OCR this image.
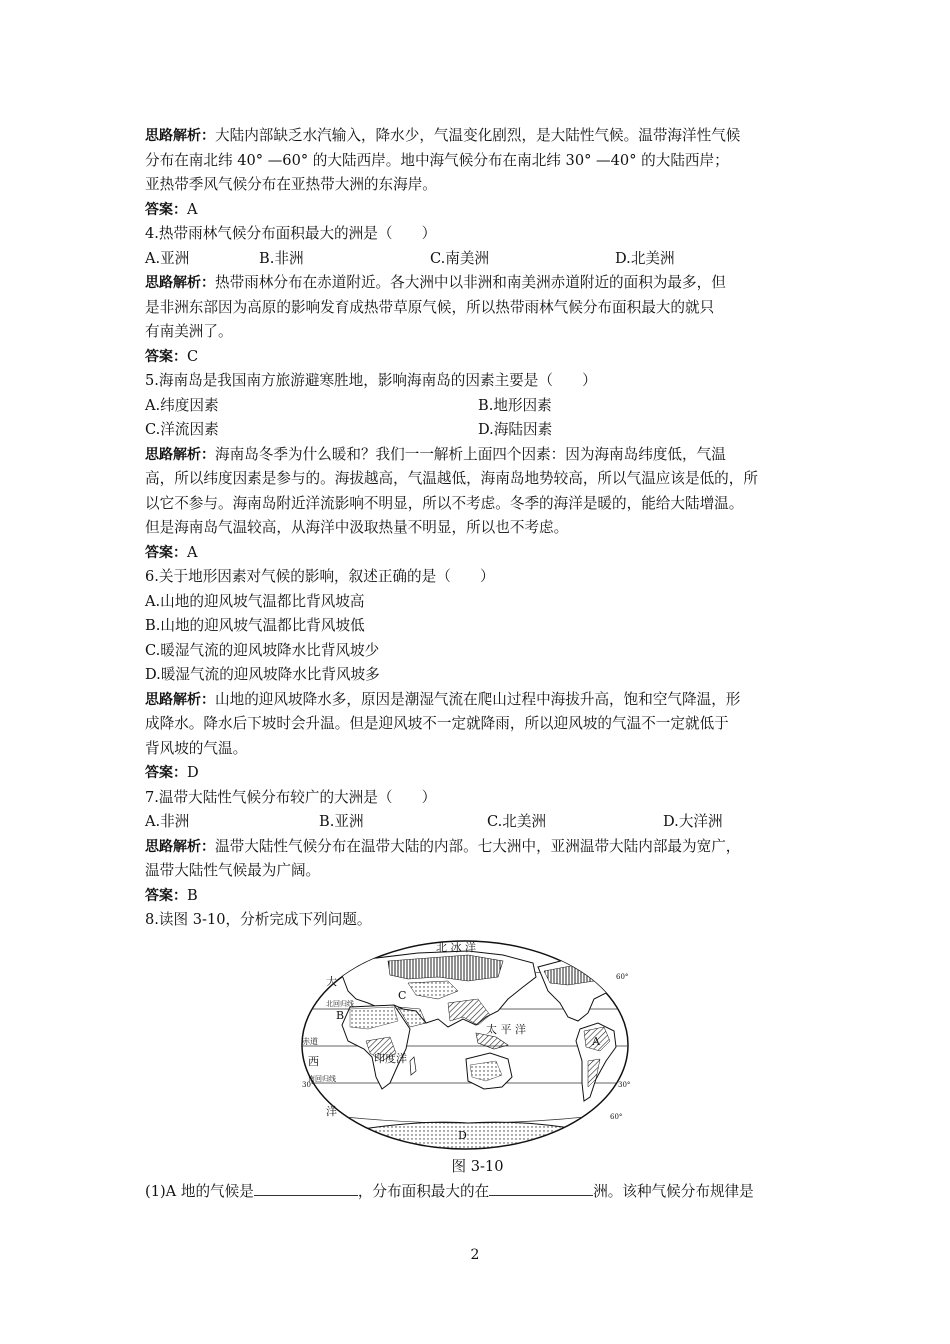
思路解析：大陆内部缺乏水汽输入，降水少，气温变化剧烈，是大陆性气候。温带海洋性气候
分布在南北纬 40° —60° 的大陆西岸。地中海气候分布在南北纬 30° —40° 的大陆西岸；
亚热带季风气候分布在亚热带大洲的东海岸。
答案：A
4.热带雨林气候分布面积最大的洲是（　　）
A.亚洲	B.非洲	C.南美洲	D.北美洲
思路解析：热带雨林分布在赤道附近。各大洲中以非洲和南美洲赤道附近的面积为最多，但
是非洲东部因为高原的影响发育成热带草原气候，所以热带雨林气候分布面积最大的就只
有南美洲了。
答案：C
5.海南岛是我国南方旅游避寒胜地，影响海南岛的因素主要是（　　）
A.纬度因素	B.地形因素
C.洋流因素	D.海陆因素
思路解析：海南岛冬季为什么暖和？我们一一解析上面四个因素：因为海南岛纬度低，气温
高，所以纬度因素是参与的。海拔越高，气温越低，海南岛地势较高，所以气温应该是低的，所
以它不参与。海南岛附近洋流影响不明显，所以不考虑。冬季的海洋是暖的，能给大陆增温。
但是海南岛气温较高，从海洋中汲取热量不明显，所以也不考虑。
答案：A
6.关于地形因素对气候的影响，叙述正确的是（　　）
A.山地的迎风坡气温都比背风坡高
B.山地的迎风坡气温都比背风坡低
C.暖湿气流的迎风坡降水比背风坡少
D.暖湿气流的迎风坡降水比背风坡多
思路解析：山地的迎风坡降水多，原因是潮湿气流在爬山过程中海拔升高，饱和空气降温，形
成降水。降水后下坡时会升温。但是迎风坡不一定就降雨，所以迎风坡的气温不一定就低于
背风坡的气温。
答案：D
7.温带大陆性气候分布较广的大洲是（　　）
A.非洲	B.亚洲	C.北美洲	D.大洋洲
思路解析：温带大陆性气候分布在温带大陆的内部。七大洲中，亚洲温带大陆内部最为宽广，
温带大陆性气候最为广阔。
答案：B
8.读图 3-10，分析完成下列问题。
北 冰 洋
太 平 洋
印度洋
大
西
洋
赤道
北回归线
南回归线
A
B
C
D
60°
30°	30°
60°
图 3-10
(1)A 地的气候是	，分布面积最大的在	洲。该种气候分布规律是
2
